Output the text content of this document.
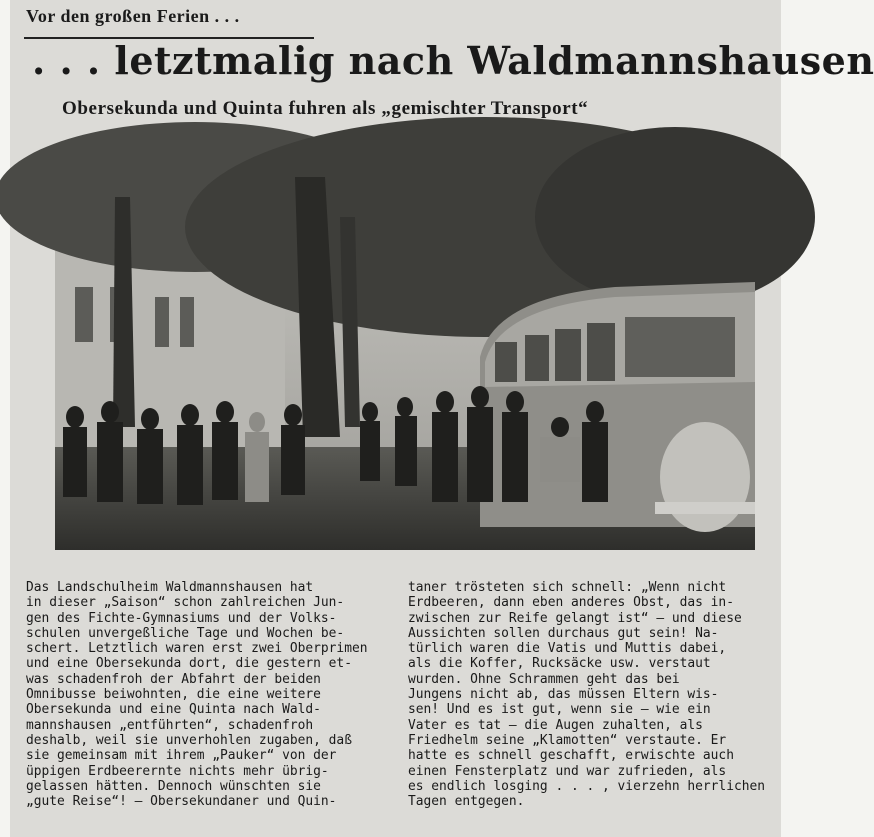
Vor den großen Ferien . . .
. . . letztmalig nach Waldmannshausen
Obersekunda und Quinta fuhren als „gemischter Transport“
Das Landschulheim Waldmannshausen hat
in dieser „Saison“ schon zahlreichen Jun-
gen des Fichte-Gymnasiums und der Volks-
schulen unvergeßliche Tage und Wochen be-
schert. Letztlich waren erst zwei Oberprimen
und eine Obersekunda dort, die gestern et-
was schadenfroh der Abfahrt der beiden
Omnibusse beiwohnten, die eine weitere
Obersekunda und eine Quinta nach Wald-
mannshausen „entführten“, schadenfroh
deshalb, weil sie unverhohlen zugaben, daß
sie gemeinsam mit ihrem „Pauker“ von der
üppigen Erdbeerernte nichts mehr übrig-
gelassen hätten. Dennoch wünschten sie
„gute Reise“! — Obersekundaner und Quin-
taner trösteten sich schnell: „Wenn nicht
Erdbeeren, dann eben anderes Obst, das in-
zwischen zur Reife gelangt ist“ — und diese
Aussichten sollen durchaus gut sein! Na-
türlich waren die Vatis und Muttis dabei,
als die Koffer, Rucksäcke usw. verstaut
wurden. Ohne Schrammen geht das bei
Jungens nicht ab, das müssen Eltern wis-
sen! Und es ist gut, wenn sie — wie ein
Vater es tat — die Augen zuhalten, als
Friedhelm seine „Klamotten“ verstaute. Er
hatte es schnell geschafft, erwischte auch
einen Fensterplatz und war zufrieden, als
es endlich losging . . . , vierzehn herrlichen
Tagen entgegen.
